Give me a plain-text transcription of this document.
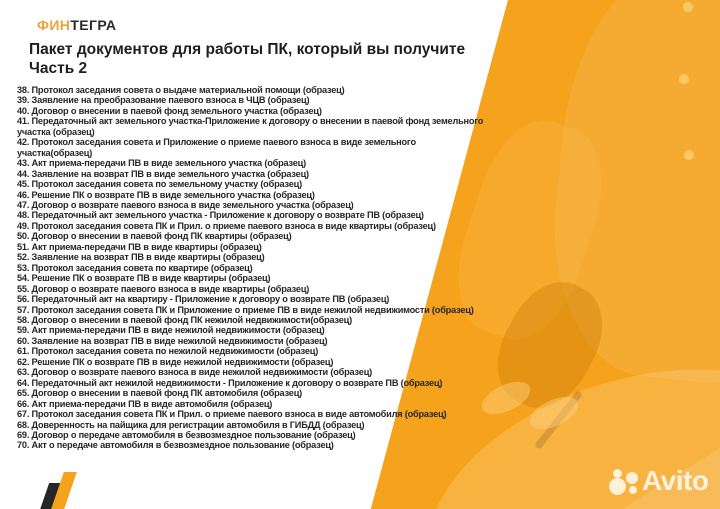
ФИНТЕГРА
Пакет документов для работы ПК, который вы получите
Часть 2
38. Протокол заседания совета о выдаче материальной помощи (образец)
39. Заявление на преобразование паевого взноса в ЧЦВ (образец)
40. Договор о внесении в паевой фонд земельного участка (образец)
41. Передаточный акт земельного участка-Приложение к договору о внесении в паевой фонд земельного участка (образец)
42. Протокол заседания совета и Приложение о приеме паевого взноса в виде земельного участка(образец)
43. Акт приема-передачи ПВ в виде земельного участка (образец)
44. Заявление на возврат ПВ в виде земельного участка (образец)
45. Протокол заседания совета по земельному участку (образец)
46. Решение ПК о возврате ПВ в виде земельного участка (образец)
47. Договор о возврате паевого взноса в виде земельного участка (образец)
48. Передаточный акт земельного участка - Приложение к договору о возврате ПВ (образец)
49. Протокол заседания совета ПК и Прил. о приеме паевого взноса в виде квартиры (образец)
50. Договор о внесении в паевой фонд ПК квартиры (образец)
51. Акт приема-передачи ПВ в виде квартиры (образец)
52. Заявление на возврат ПВ в виде квартиры (образец)
53. Протокол заседания совета по квартире (образец)
54. Решение ПК о возврате ПВ в виде квартиры (образец)
55. Договор о возврате паевого взноса в виде квартиры (образец)
56. Передаточный акт на квартиру - Приложение к договору о возврате ПВ (образец)
57. Протокол заседания совета ПК и Приложение о приеме ПВ в виде нежилой недвижимости (образец)
58. Договор о внесении в паевой фонд ПК нежилой недвижимости(образец)
59. Акт приема-передачи ПВ в виде нежилой недвижимости (образец)
60. Заявление на возврат ПВ в виде нежилой недвижимости (образец)
61. Протокол заседания совета по нежилой недвижимости (образец)
62. Решение ПК о возврате ПВ в виде нежилой недвижимости (образец)
63. Договор о возврате паевого взноса в виде нежилой недвижимости (образец)
64. Передаточный акт нежилой недвижимости - Приложение к договору о возврате ПВ (образец)
65. Договор о внесении в паевой фонд ПК автомобиля (образец)
66. Акт приема-передачи ПВ в виде автомобиля (образец)
67. Протокол заседания совета ПК и Прил. о приеме паевого взноса в виде автомобиля (образец)
68. Доверенность на пайщика для регистрации автомобиля в ГИБДД (образец)
69. Договор о передаче автомобиля в безвозмездное пользование (образец)
70. Акт о передаче автомобиля в безвозмездное пользование (образец)
Avito
